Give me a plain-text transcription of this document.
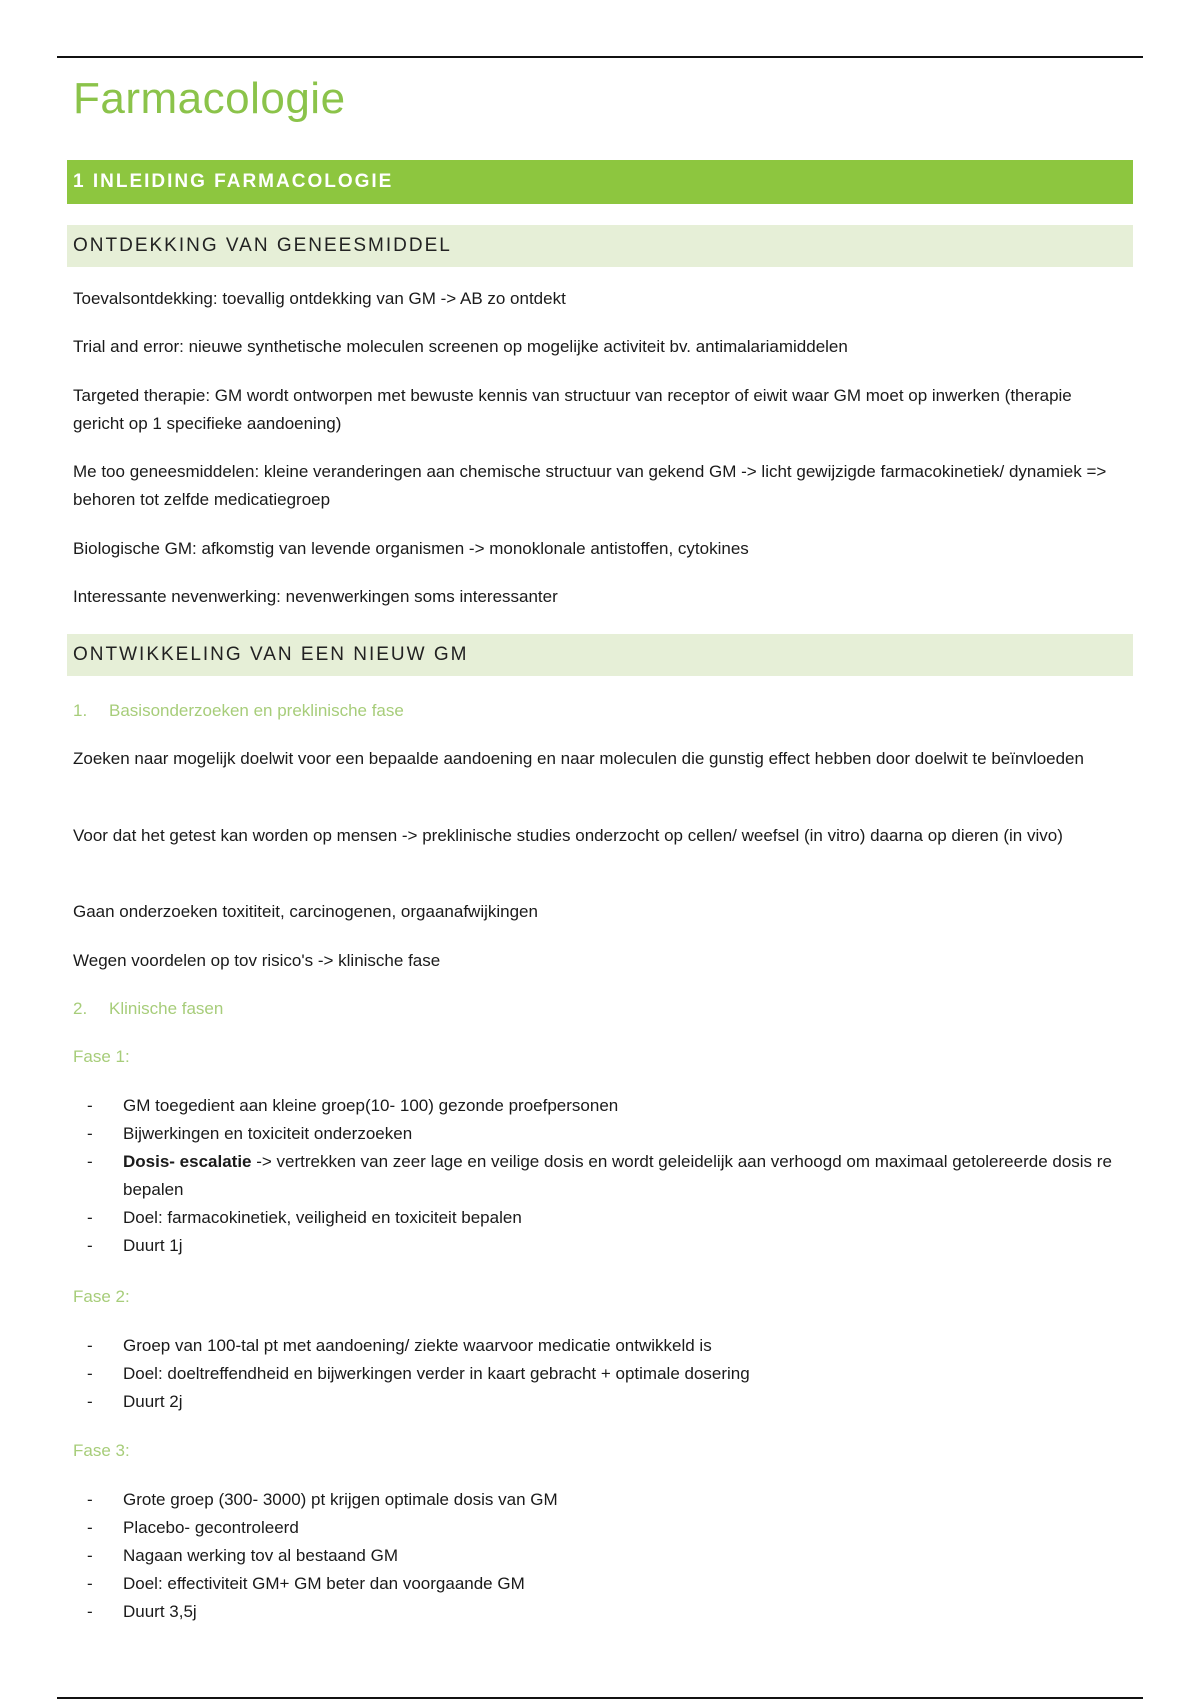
Farmacologie
1 INLEIDING FARMACOLOGIE
ONTDEKKING VAN GENEESMIDDEL
Toevalsontdekking: toevallig ontdekking van GM -> AB zo ontdekt
Trial and error: nieuwe synthetische moleculen screenen op mogelijke activiteit bv. antimalariamiddelen
Targeted therapie: GM wordt ontworpen met bewuste kennis van structuur van receptor of eiwit waar GM moet op inwerken (therapie gericht op 1 specifieke aandoening)
Me too geneesmiddelen: kleine veranderingen aan chemische structuur van gekend GM -> licht gewijzigde farmacokinetiek/ dynamiek => behoren tot zelfde medicatiegroep
Biologische GM: afkomstig van levende organismen -> monoklonale antistoffen, cytokines
Interessante nevenwerking: nevenwerkingen soms interessanter
ONTWIKKELING VAN EEN NIEUW GM
1. Basisonderzoeken en preklinische fase
Zoeken naar mogelijk doelwit voor een bepaalde aandoening en naar moleculen die gunstig effect hebben door doelwit te beïnvloeden
Voor dat het getest kan worden op mensen -> preklinische studies onderzocht op cellen/ weefsel (in vitro) daarna op dieren (in vivo)
Gaan onderzoeken toxititeit, carcinogenen, orgaanafwijkingen
Wegen voordelen op tov risico's -> klinische fase
2. Klinische fasen
Fase 1:
- GM toegedient aan kleine groep(10- 100) gezonde proefpersonen
- Bijwerkingen en toxiciteit onderzoeken
- Dosis- escalatie -> vertrekken van zeer lage en veilige dosis en wordt geleidelijk aan verhoogd om maximaal getolereerde dosis re bepalen
- Doel: farmacokinetiek, veiligheid en toxiciteit bepalen
- Duurt 1j
Fase 2:
- Groep van 100-tal pt met aandoening/ ziekte waarvoor medicatie ontwikkeld is
- Doel: doeltreffendheid en bijwerkingen verder in kaart gebracht + optimale dosering
- Duurt 2j
Fase 3:
- Grote groep (300- 3000) pt krijgen optimale dosis van GM
- Placebo- gecontroleerd
- Nagaan werking tov al bestaand GM
- Doel: effectiviteit GM+ GM beter dan voorgaande GM
- Duurt 3,5j
